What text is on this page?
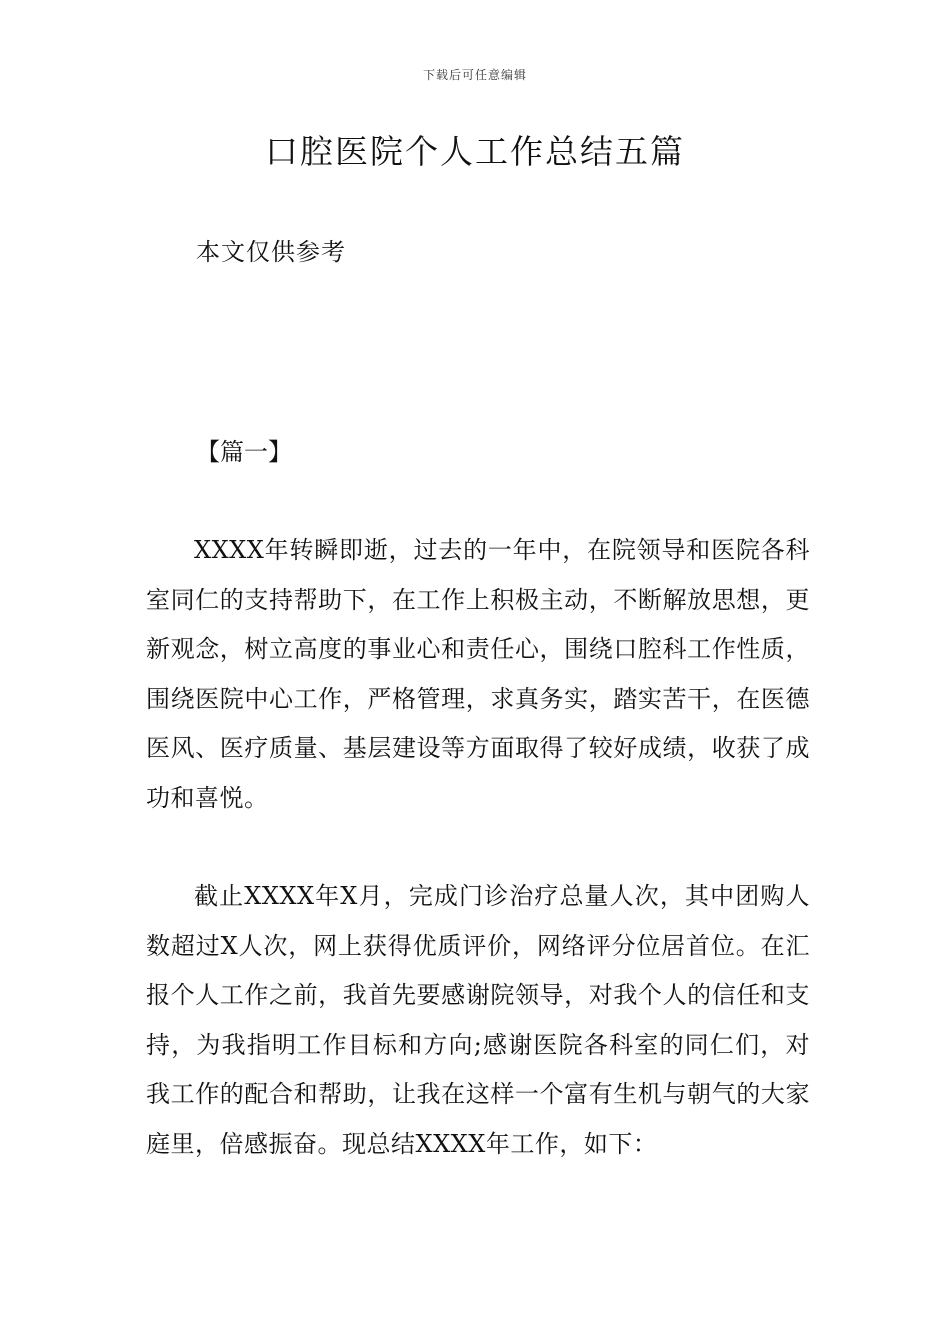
下载后可任意编辑
口腔医院个人工作总结五篇
本文仅供参考
【篇一】

XXXX年转瞬即逝，过去的一年中，在院领导和医院各科室同仁的支持帮助下，在工作上积极主动，不断解放思想，更新观念，树立高度的事业心和责任心，围绕口腔科工作性质，围绕医院中心工作，严格管理，求真务实，踏实苦干，在医德医风、医疗质量、基层建设等方面取得了较好成绩，收获了成功和喜悦。

截止XXXX年X月，完成门诊治疗总量人次，其中团购人数超过X人次，网上获得优质评价，网络评分位居首位。在汇报个人工作之前，我首先要感谢院领导，对我个人的信任和支持，为我指明工作目标和方向;感谢医院各科室的同仁们，对我工作的配合和帮助，让我在这样一个富有生机与朝气的大家庭里，倍感振奋。现总结XXXX年工作，如下：
